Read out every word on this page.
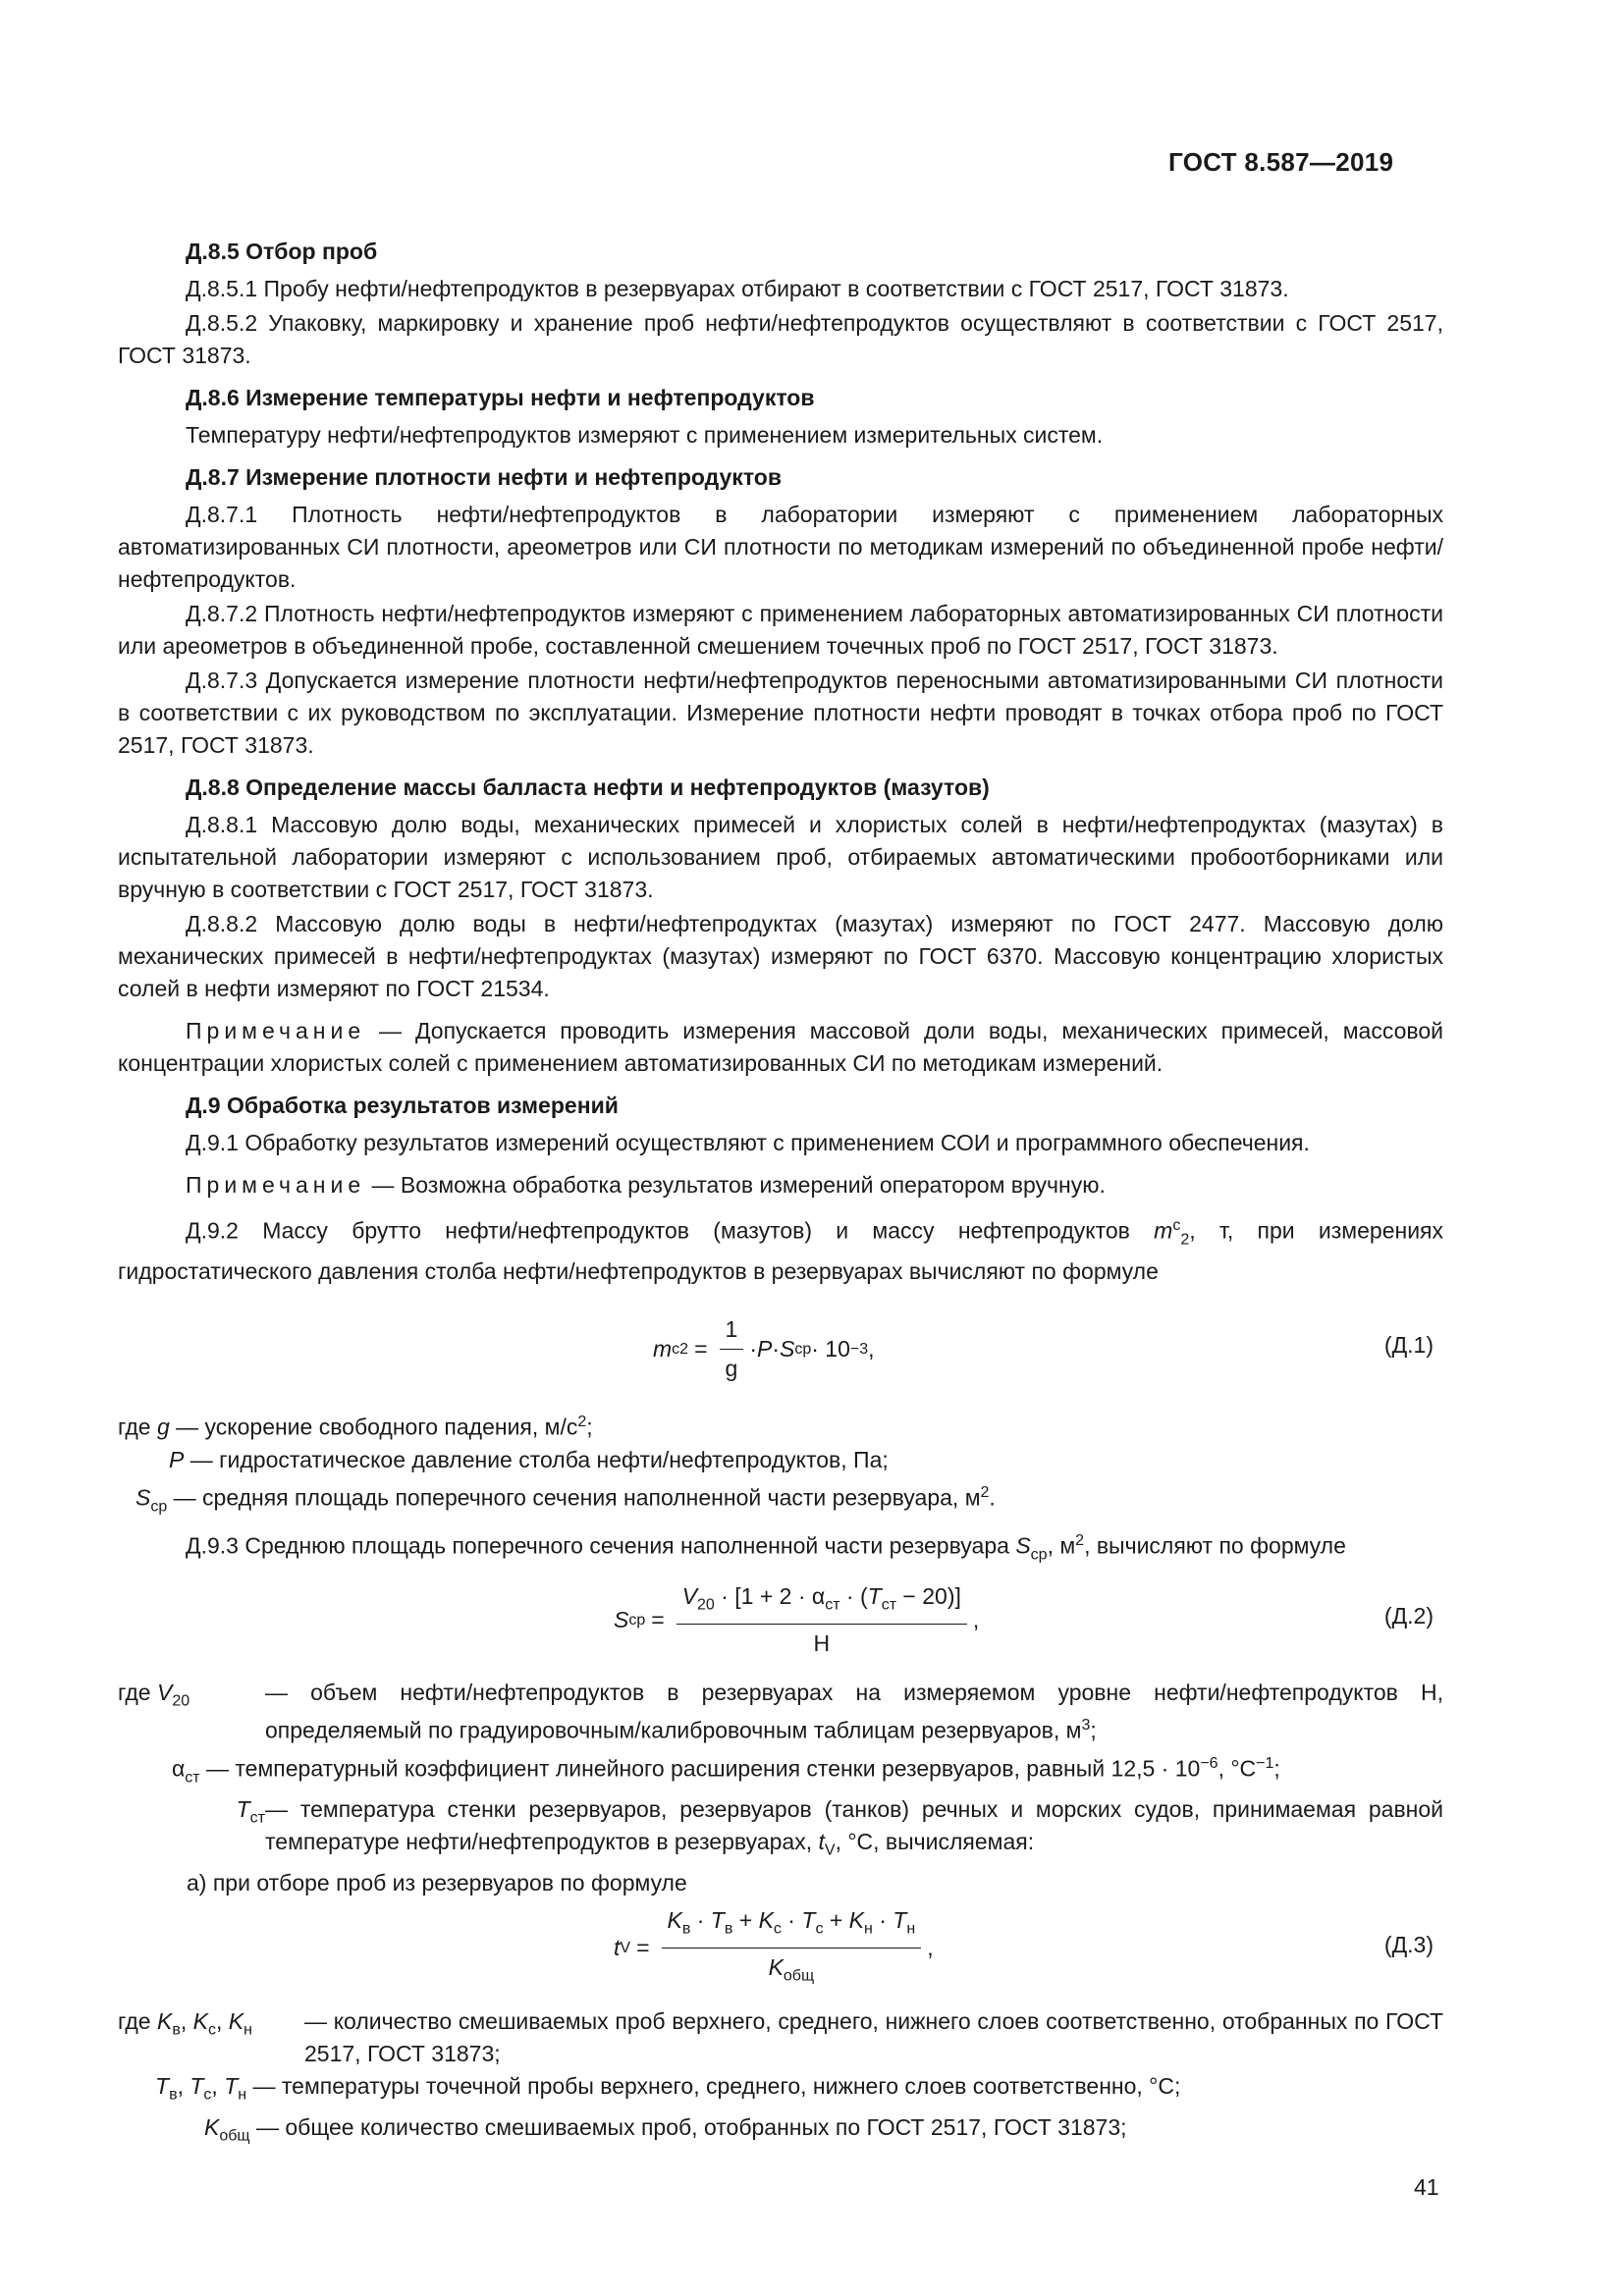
ГОСТ 8.587—2019
Д.8.5 Отбор проб

Д.8.5.1 Пробу нефти/нефтепродуктов в резервуарах отбирают в соответствии с ГОСТ 2517, ГОСТ 31873.

Д.8.5.2 Упаковку, маркировку и хранение проб нефти/нефтепродуктов осуществляют в соответствии с ГОСТ 2517, ГОСТ 31873.

Д.8.6 Измерение температуры нефти и нефтепродуктов

Температуру нефти/нефтепродуктов измеряют с применением измерительных систем.

Д.8.7 Измерение плотности нефти и нефтепродуктов

Д.8.7.1 Плотность нефти/нефтепродуктов в лаборатории измеряют с применением лабораторных автоматизированных СИ плотности, ареометров или СИ плотности по методикам измерений по объединенной пробе нефти/нефтепродуктов.

Д.8.7.2 Плотность нефти/нефтепродуктов измеряют с применением лабораторных автоматизированных СИ плотности или ареометров в объединенной пробе, составленной смешением точечных проб по ГОСТ 2517, ГОСТ 31873.

Д.8.7.3 Допускается измерение плотности нефти/нефтепродуктов переносными автоматизированными СИ плотности в соответствии с их руководством по эксплуатации. Измерение плотности нефти проводят в точках отбора проб по ГОСТ 2517, ГОСТ 31873.

Д.8.8 Определение массы балласта нефти и нефтепродуктов (мазутов)

Д.8.8.1 Массовую долю воды, механических примесей и хлористых солей в нефти/нефтепродуктах (мазутах) в испытательной лаборатории измеряют с использованием проб, отбираемых автоматическими пробоотборниками или вручную в соответствии с ГОСТ 2517, ГОСТ 31873.

Д.8.8.2 Массовую долю воды в нефти/нефтепродуктах (мазутах) измеряют по ГОСТ 2477. Массовую долю механических примесей в нефти/нефтепродуктах (мазутах) измеряют по ГОСТ 6370. Массовую концентрацию хлористых солей в нефти измеряют по ГОСТ 21534.

Примечание — Допускается проводить измерения массовой доли воды, механических примесей, массовой концентрации хлористых солей с применением автоматизированных СИ по методикам измерений.

Д.9 Обработка результатов измерений

Д.9.1 Обработку результатов измерений осуществляют с применением СОИ и программного обеспечения.

Примечание — Возможна обработка результатов измерений оператором вручную.

Д.9.2 Массу брутто нефти/нефтепродуктов (мазутов) и массу нефтепродуктов $m^c_2$, т, при измерениях гидростатического давления столба нефти/нефтепродуктов в резервуарах вычисляют по формуле

m c $2 = \frac{1}{g} \cdot P \cdot S$ ср · 10 −3 ,	(Д.1)
где g — ускорение свободного падения, $м/с^2$;
P — гидростатическое давление столба нефти/нефтепродуктов, Па;
$S_{ср}$ — средняя площадь поперечного сечения наполненной части резервуара, $м^2$.

Д.9.3 Среднюю площадь поперечного сечения наполненной части резервуара $S_{ср}$, $м^2$, вычисляют по формуле

S ср = $\frac{V_{20} \cdot [1 + 2 \cdot \alpha_{ст} \cdot (T_{ст} - 20)]}{H}$ ,	(Д.2)
где $V_{20}$	— объем нефти/нефтепродуктов в резервуарах на измеряемом уровне нефти/нефтепродуктов Н, определяемый по градуировочным/калибровочным таблицам резервуаров, $м^3$;
$\alpha_{ст}$ — температурный коэффициент линейного расширения стенки резервуаров, равный $12,5 \cdot 10^{-6}$, $^\circ С^{-1}$;
$T_{ст}$ — температура стенки резервуаров, резервуаров (танков) речных и морских судов, принимаемая равной температуре нефти/нефтепродуктов в резервуарах, $t_V$, °С, вычисляемая:
а) при отборе проб из резервуаров по формуле
t $V = \frac{K_в \cdot T_в + K_с \cdot T_с + K_н \cdot T_н}{K_{общ}}$ ,	(Д.3)
где $K_в$, $K_с$, $K_н$	— количество смешиваемых проб верхнего, среднего, нижнего слоев соответственно, отобранных по ГОСТ 2517, ГОСТ 31873;
$T_в$, $T_с$, $T_н$ — температуры точечной пробы верхнего, среднего, нижнего слоев соответственно, °С;
$K_{общ}$ — общее количество смешиваемых проб, отобранных по ГОСТ 2517, ГОСТ 31873;
41
